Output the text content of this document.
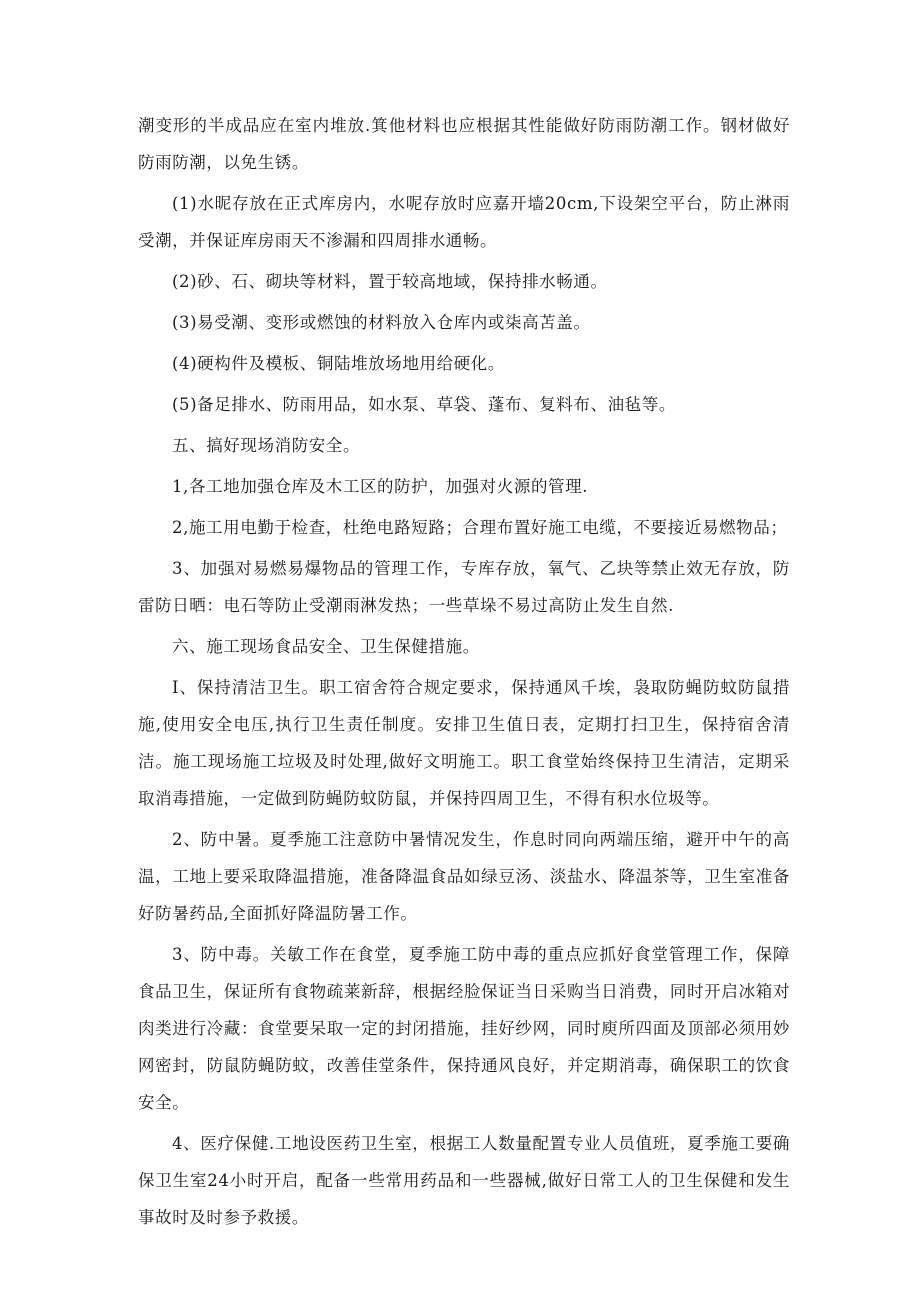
潮变形的半成品应在室内堆放.箕他材料也应根据其性能做好防雨防潮工作。钢材做好防雨防潮，以免生锈。

(1)水昵存放在正式库房内，水呢存放时应嘉开墙20cm,下设架空平台，防止淋雨受潮，并保证库房雨天不渗漏和四周排水通畅。

(2)砂、石、砌块等材料，置于较高地域，保持排水畅通。

(3)易受潮、变形或燃蚀的材料放入仓库内或柒高苫盖。

(4)硬构件及模板、铜陆堆放场地用给硬化。

(5)备足排水、防雨用品，如水泵、草袋、蓬布、复料布、油毡等。

五、搞好现场消防安全。

1,各工地加强仓库及木工区的防护，加强对火源的管理.

2,施工用电勤于检查，杜绝电路短路；合理布置好施工电缆，不要接近易燃物品；

3、加强对易燃易爆物品的管理工作，专库存放，氧气、乙块等禁止效无存放，防雷防日晒：电石等防止受潮雨淋发热；一些草垛不易过高防止发生自然.

六、施工现场食品安全、卫生保健措施。

I、保持清洁卫生。职工宿舍符合规定要求，保持通风千埃，袅取防蝇防蚊防鼠措施,使用安全电压,执行卫生责任制度。安排卫生值日表，定期打扫卫生，保持宿舍清洁。施工现场施工垃圾及时处理,做好文明施工。职工食堂始终保持卫生清洁，定期采取消毒措施，一定做到防蝇防蚊防鼠，并保持四周卫生，不得有积水位圾等。

2、防中暑。夏季施工注意防中暑情况发生，作息时同向两端压缩，避开中午的高温，工地上要采取降温措施，准备降温食品如绿豆汤、淡盐水、降温茶等，卫生室准备好防暑药品,全面抓好降温防暑工作。

3、防中毒。关敏工作在食堂，夏季施工防中毒的重点应抓好食堂管理工作，保障食品卫生，保证所有食物疏莱新辞，根据经脸保证当日采购当日消费，同时开启冰箱对肉类进行冷藏：食堂要呆取一定的封闭措施，挂好纱网，同时庾所四面及顶部必须用妙网密封，防鼠防蝇防蚊，改善佳堂条件，保持通风良好，并定期消毒，确保职工的饮食安全。

4、医疗保健.工地设医药卫生室，根据工人数量配置专业人员值班，夏季施工要确保卫生室24小时开启，配备一些常用药品和一些器械,做好日常工人的卫生保健和发生事故时及时参予救援。
